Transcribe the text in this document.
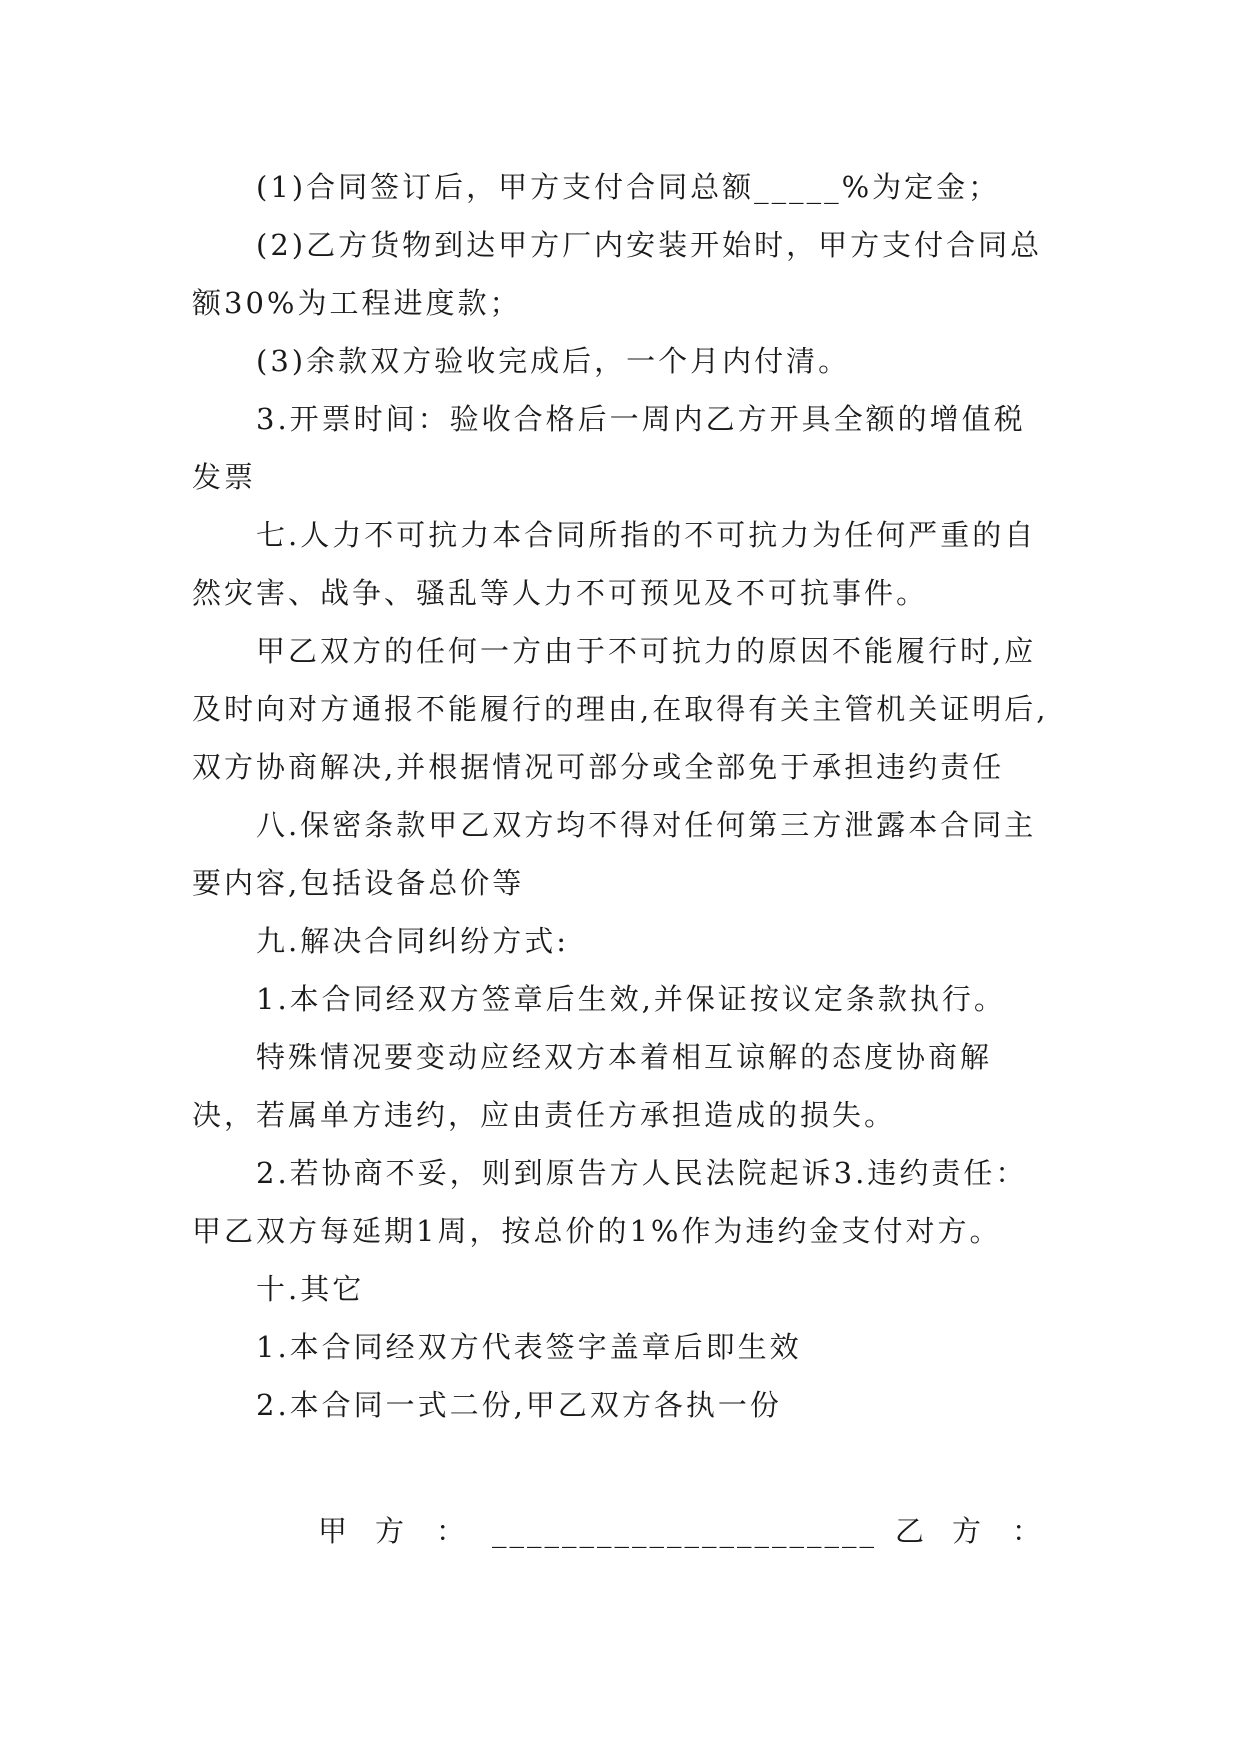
(1)合同签订后，甲方支付合同总额_____%为定金；

(2)乙方货物到达甲方厂内安装开始时，甲方支付合同总额30%为工程进度款；

(3)余款双方验收完成后，一个月内付清。

3.开票时间：验收合格后一周内乙方开具全额的增值税发票

七.人力不可抗力本合同所指的不可抗力为任何严重的自然灾害、战争、骚乱等人力不可预见及不可抗事件。

甲乙双方的任何一方由于不可抗力的原因不能履行时,应及时向对方通报不能履行的理由,在取得有关主管机关证明后,双方协商解决,并根据情况可部分或全部免于承担违约责任

八.保密条款甲乙双方均不得对任何第三方泄露本合同主要内容,包括设备总价等

九.解决合同纠纷方式:

1.本合同经双方签章后生效,并保证按议定条款执行。

特殊情况要变动应经双方本着相互谅解的态度协商解决，若属单方违约，应由责任方承担造成的损失。

2.若协商不妥，则到原告方人民法院起诉3.违约责任：甲乙双方每延期1周，按总价的1%作为违约金支付对方。

十.其它

1.本合同经双方代表签字盖章后即生效

2.本合同一式二份,甲乙双方各执一份

甲方 ： ______________________ 乙方 ：
